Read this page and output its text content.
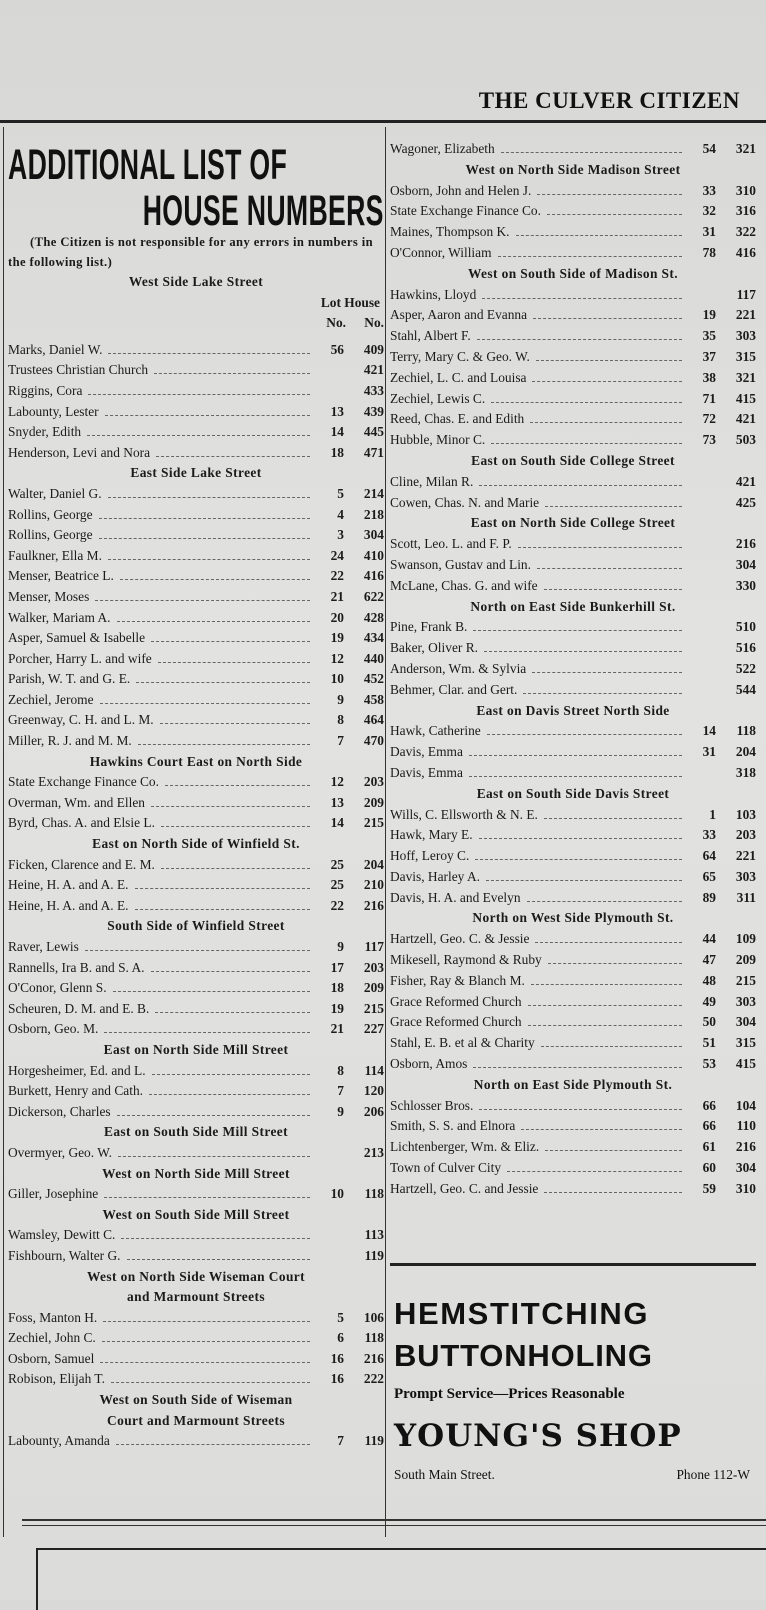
THE CULVER CITIZEN
ADDITIONAL LIST OF
HOUSE NUMBERS
(The Citizen is not responsible for any errors in numbers in the following list.)
West Side Lake Street
Lot House
No.	No.
Marks, Daniel W.	56	409
Trustees Christian Church	421
Riggins, Cora	433
Labounty, Lester	13	439
Snyder, Edith	14	445
Henderson, Levi and Nora	18	471
East Side Lake Street
Walter, Daniel G.	5	214
Rollins, George	4	218
Rollins, George	3	304
Faulkner, Ella M.	24	410
Menser, Beatrice L.	22	416
Menser, Moses	21	622
Walker, Mariam A.	20	428
Asper, Samuel & Isabelle	19	434
Porcher, Harry L. and wife	12	440
Parish, W. T. and G. E.	10	452
Zechiel, Jerome	9	458
Greenway, C. H. and L. M.	8	464
Miller, R. J. and M. M.	7	470
Hawkins Court East on North Side
State Exchange Finance Co.	12	203
Overman, Wm. and Ellen	13	209
Byrd, Chas. A. and Elsie L.	14	215
East on North Side of Winfield St.
Ficken, Clarence and E. M.	25	204
Heine, H. A. and A. E.	25	210
Heine, H. A. and A. E.	22	216
South Side of Winfield Street
Raver, Lewis	9	117
Rannells, Ira B. and S. A.	17	203
O'Conor, Glenn S.	18	209
Scheuren, D. M. and E. B.	19	215
Osborn, Geo. M.	21	227
East on North Side Mill Street
Horgesheimer, Ed. and L.	8	114
Burkett, Henry and Cath.	7	120
Dickerson, Charles	9	206
East on South Side Mill Street
Overmyer, Geo. W.	213
West on North Side Mill Street
Giller, Josephine	10	118
West on South Side Mill Street
Wamsley, Dewitt C.	113
Fishbourn, Walter G.	119
West on North Side Wiseman Court
and Marmount Streets
Foss, Manton H.	5	106
Zechiel, John C.	6	118
Osborn, Samuel	16	216
Robison, Elijah T.	16	222
West on South Side of Wiseman
Court and Marmount Streets
Labounty, Amanda	7	119
Wagoner, Elizabeth	54	321
West on North Side Madison Street
Osborn, John and Helen J.	33	310
State Exchange Finance Co.	32	316
Maines, Thompson K.	31	322
O'Connor, William	78	416
West on South Side of Madison St.
Hawkins, Lloyd	117
Asper, Aaron and Evanna	19	221
Stahl, Albert F.	35	303
Terry, Mary C. & Geo. W.	37	315
Zechiel, L. C. and Louisa	38	321
Zechiel, Lewis C.	71	415
Reed, Chas. E. and Edith	72	421
Hubble, Minor C.	73	503
East on South Side College Street
Cline, Milan R.	421
Cowen, Chas. N. and Marie	425
East on North Side College Street
Scott, Leo. L. and F. P.	216
Swanson, Gustav and Lin.	304
McLane, Chas. G. and wife	330
North on East Side Bunkerhill St.
Pine, Frank B.	510
Baker, Oliver R.	516
Anderson, Wm. & Sylvia	522
Behmer, Clar. and Gert.	544
East on Davis Street North Side
Hawk, Catherine	14	118
Davis, Emma	31	204
Davis, Emma	318
East on South Side Davis Street
Wills, C. Ellsworth & N. E.	1	103
Hawk, Mary E.	33	203
Hoff, Leroy C.	64	221
Davis, Harley A.	65	303
Davis, H. A. and Evelyn	89	311
North on West Side Plymouth St.
Hartzell, Geo. C. & Jessie	44	109
Mikesell, Raymond & Ruby	47	209
Fisher, Ray & Blanch M.	48	215
Grace Reformed Church	49	303
Grace Reformed Church	50	304
Stahl, E. B. et al & Charity	51	315
Osborn, Amos	53	415
North on East Side Plymouth St.
Schlosser Bros.	66	104
Smith, S. S. and Elnora	66	110
Lichtenberger, Wm. & Eliz.	61	216
Town of Culver City	60	304
Hartzell, Geo. C. and Jessie	59	310
HEMSTITCHING
BUTTONHOLING
Prompt Service—Prices Reasonable
YOUNG'S SHOP
South Main Street.	Phone 112-W
